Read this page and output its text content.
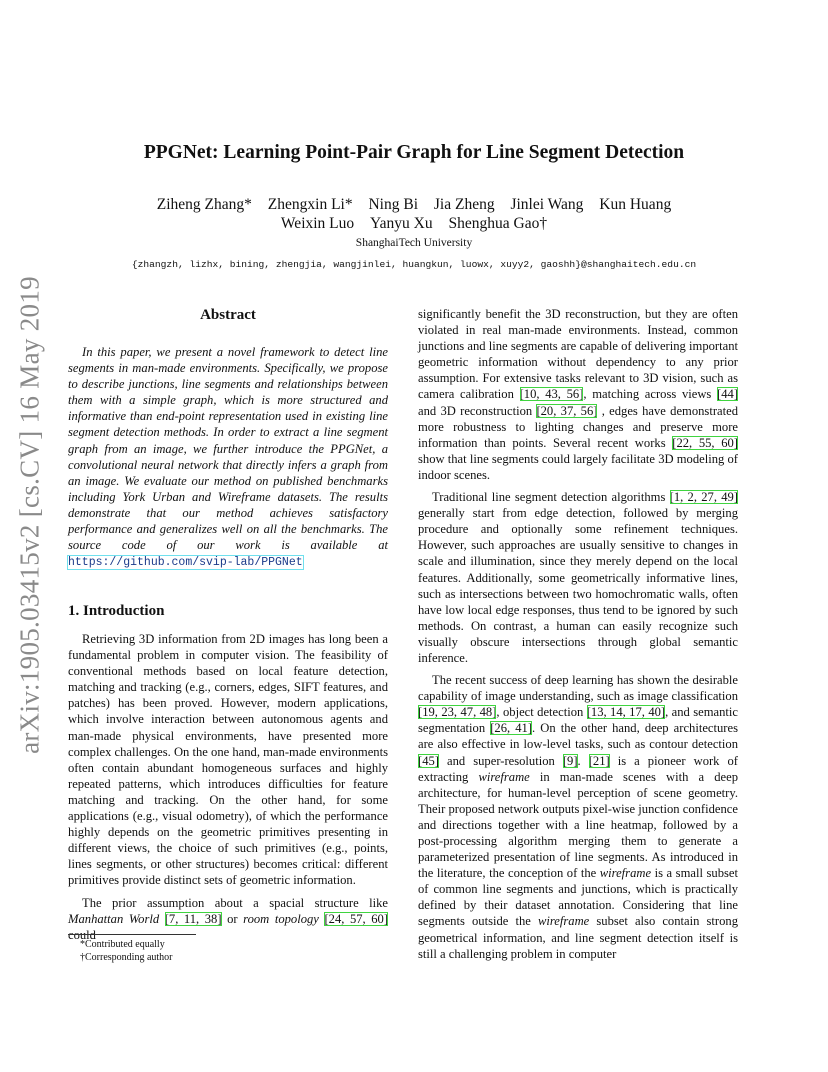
arXiv:1905.03415v2 [cs.CV] 16 May 2019
PPGNet: Learning Point-Pair Graph for Line Segment Detection
Ziheng Zhang* Zhengxin Li* Ning Bi Jia Zheng Jinlei Wang Kun Huang
Weixin Luo Yanyu Xu Shenghua Gao†
ShanghaiTech University
{zhangzh, lizhx, bining, zhengjia, wangjinlei, huangkun, luowx, xuyy2, gaoshh}@shanghaitech.edu.cn
Abstract
In this paper, we present a novel framework to detect line segments in man-made environments. Specifically, we propose to describe junctions, line segments and relationships between them with a simple graph, which is more structured and informative than end-point representation used in existing line segment detection methods. In order to extract a line segment graph from an image, we further introduce the PPGNet, a convolutional neural network that directly infers a graph from an image. We evaluate our method on published benchmarks including York Urban and Wireframe datasets. The results demonstrate that our method achieves satisfactory performance and generalizes well on all the benchmarks. The source code of our work is available at https://github.com/svip-lab/PPGNet
1. Introduction

Retrieving 3D information from 2D images has long been a fundamental problem in computer vision. The feasibility of conventional methods based on local feature detection, matching and tracking (e.g., corners, edges, SIFT features, and patches) has been proved. However, modern applications, which involve interaction between autonomous agents and man-made physical environments, have presented more complex challenges. On the one hand, man-made environments often contain abundant homogeneous surfaces and highly repeated patterns, which introduces difficulties for feature matching and tracking. On the other hand, for some applications (e.g., visual odometry), of which the performance highly depends on the geometric primitives presenting in different views, the choice of such primitives (e.g., points, lines segments, or other structures) becomes critical: different primitives provide distinct sets of geometric information.

The prior assumption about a spacial structure like Manhattan World [7, 11, 38] or room topology [24, 57, 60] could

*Contributed equally
†Corresponding author

significantly benefit the 3D reconstruction, but they are often violated in real man-made environments. Instead, common junctions and line segments are capable of delivering important geometric information without dependency to any prior assumption. For extensive tasks relevant to 3D vision, such as camera calibration [10, 43, 56], matching across views [44] and 3D reconstruction [20, 37, 56] , edges have demonstrated more robustness to lighting changes and preserve more information than points. Several recent works [22, 55, 60] show that line segments could largely facilitate 3D modeling of indoor scenes.

Traditional line segment detection algorithms [1, 2, 27, 49] generally start from edge detection, followed by merging procedure and optionally some refinement techniques. However, such approaches are usually sensitive to changes in scale and illumination, since they merely depend on the local features. Additionally, some geometrically informative lines, such as intersections between two homochromatic walls, often have low local edge responses, thus tend to be ignored by such methods. On contrast, a human can easily recognize such visually obscure intersections through global semantic inference.

The recent success of deep learning has shown the desirable capability of image understanding, such as image classification [19, 23, 47, 48], object detection [13, 14, 17, 40], and semantic segmentation [26, 41]. On the other hand, deep architectures are also effective in low-level tasks, such as contour detection [45] and super-resolution [9]. [21] is a pioneer work of extracting wireframe in man-made scenes with a deep architecture, for human-level perception of scene geometry. Their proposed network outputs pixel-wise junction confidence and directions together with a line heatmap, followed by a post-processing algorithm merging them to generate a parameterized presentation of line segments. As introduced in the literature, the conception of the wireframe is a small subset of common line segments and junctions, which is practically defined by their dataset annotation. Considering that line segments outside the wireframe subset also contain strong geometrical information, and line segment detection itself is still a challenging problem in computer
